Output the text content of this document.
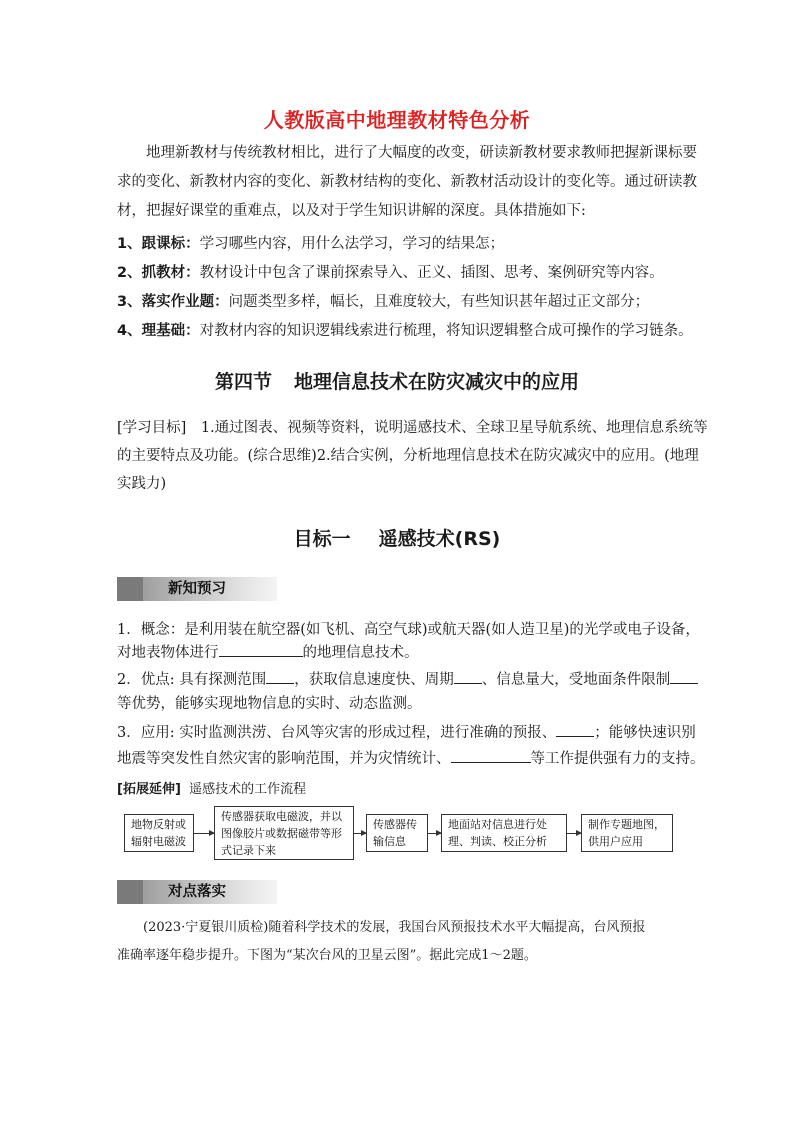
人教版高中地理教材特色分析
地理新教材与传统教材相比，进行了大幅度的改变，研读新教材要求教师把握新课标要
求的变化、新教材内容的变化、新教材结构的变化、新教材活动设计的变化等。通过研读教
材，把握好课堂的重难点，以及对于学生知识讲解的深度。具体措施如下:
1、跟课标：学习哪些内容，用什么法学习，学习的结果怎；
2、抓教材：教材设计中包含了课前探索导入、正义、插图、思考、案例研究等内容。
3、落实作业题：问题类型多样，幅长，且难度较大，有些知识甚年超过正文部分；
4、理基础：对教材内容的知识逻辑线索进行梳理，将知识逻辑整合成可操作的学习链条。
第四节 地理信息技术在防灾减灾中的应用
[学习目标]　1.通过图表、视频等资料，说明遥感技术、全球卫星导航系统、地理信息系统等
的主要特点及功能。(综合思维)2.结合实例，分析地理信息技术在防灾减灾中的应用。(地理
实践力)
目标一 遥感技术(RS)
新知预习
1．概念：是利用装在航空器(如飞机、高空气球)或航天器(如人造卫星)的光学或电子设备，
对地表物体进行	的地理信息技术。
2．优点: 具有探测范围 ，获取信息速度快、周期 、信息量大，受地面条件限制
等优势，能够实现地物信息的实时、动态监测。
3．应用: 实时监测洪涝、台风等灾害的形成过程，进行准确的预报、	；能够快速识别
地震等突发性自然灾害的影响范围，并为灾情统计、	等工作提供强有力的支持。
[拓展延伸] 遥感技术的工作流程
地物反射或辐射电磁波
传感器获取电磁波，并以图像胶片或数据磁带等形式记录下来
传感器传输信息
地面站对信息进行处理、判读、校正分析
制作专题地图，供用户应用
对点落实
(2023·宁夏银川质检)随着科学技术的发展，我国台风预报技术水平大幅提高，台风预报
准确率逐年稳步提升。下图为“某次台风的卫星云图”。据此完成1～2题。
